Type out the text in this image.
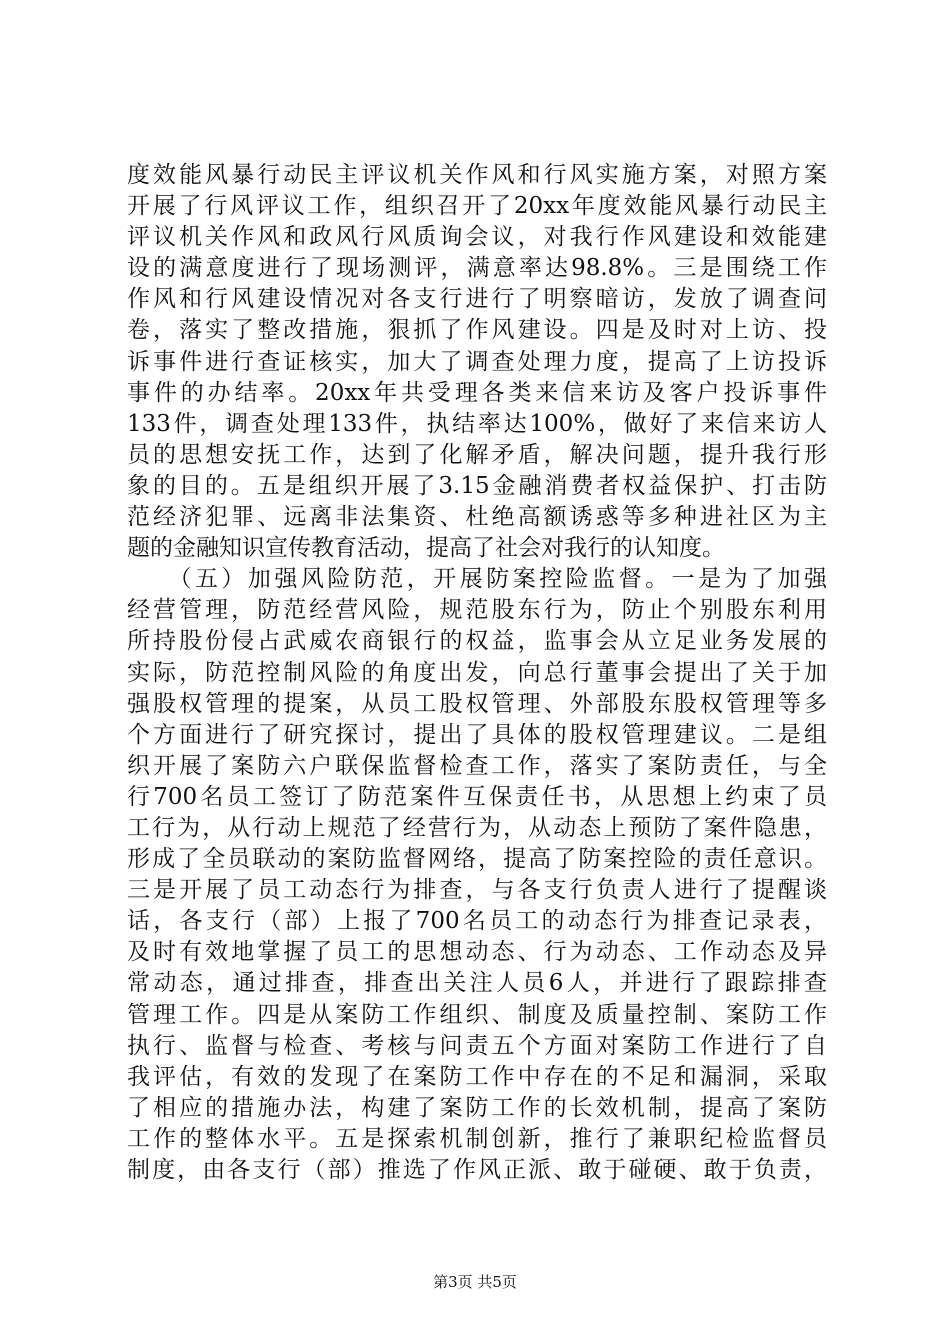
度效能风暴行动民主评议机关作风和行风实施方案，对照方案
开展了行风评议工作，组织召开了20xx年度效能风暴行动民主
评议机关作风和政风行风质询会议，对我行作风建设和效能建
设的满意度进行了现场测评，满意率达98.8%。三是围绕工作
作风和行风建设情况对各支行进行了明察暗访，发放了调查问
卷，落实了整改措施，狠抓了作风建设。四是及时对上访、投
诉事件进行查证核实，加大了调查处理力度，提高了上访投诉
事件的办结率。20xx年共受理各类来信来访及客户投诉事件
133件，调查处理133件，执结率达100%，做好了来信来访人
员的思想安抚工作，达到了化解矛盾，解决问题，提升我行形
象的目的。五是组织开展了3.15金融消费者权益保护、打击防
范经济犯罪、远离非法集资、杜绝高额诱惑等多种进社区为主
题的金融知识宣传教育活动，提高了社会对我行的认知度。
　　（五）加强风险防范，开展防案控险监督。一是为了加强
经营管理，防范经营风险，规范股东行为，防止个别股东利用
所持股份侵占武威农商银行的权益，监事会从立足业务发展的
实际，防范控制风险的角度出发，向总行董事会提出了关于加
强股权管理的提案，从员工股权管理、外部股东股权管理等多
个方面进行了研究探讨，提出了具体的股权管理建议。二是组
织开展了案防六户联保监督检查工作，落实了案防责任，与全
行700名员工签订了防范案件互保责任书，从思想上约束了员
工行为，从行动上规范了经营行为，从动态上预防了案件隐患，
形成了全员联动的案防监督网络，提高了防案控险的责任意识。
三是开展了员工动态行为排查，与各支行负责人进行了提醒谈
话，各支行（部）上报了700名员工的动态行为排查记录表，
及时有效地掌握了员工的思想动态、行为动态、工作动态及异
常动态，通过排查，排查出关注人员6人，并进行了跟踪排查
管理工作。四是从案防工作组织、制度及质量控制、案防工作
执行、监督与检查、考核与问责五个方面对案防工作进行了自
我评估，有效的发现了在案防工作中存在的不足和漏洞，采取
了相应的措施办法，构建了案防工作的长效机制，提高了案防
工作的整体水平。五是探索机制创新，推行了兼职纪检监督员
制度，由各支行（部）推选了作风正派、敢于碰硬、敢于负责，
第3页 共5页
